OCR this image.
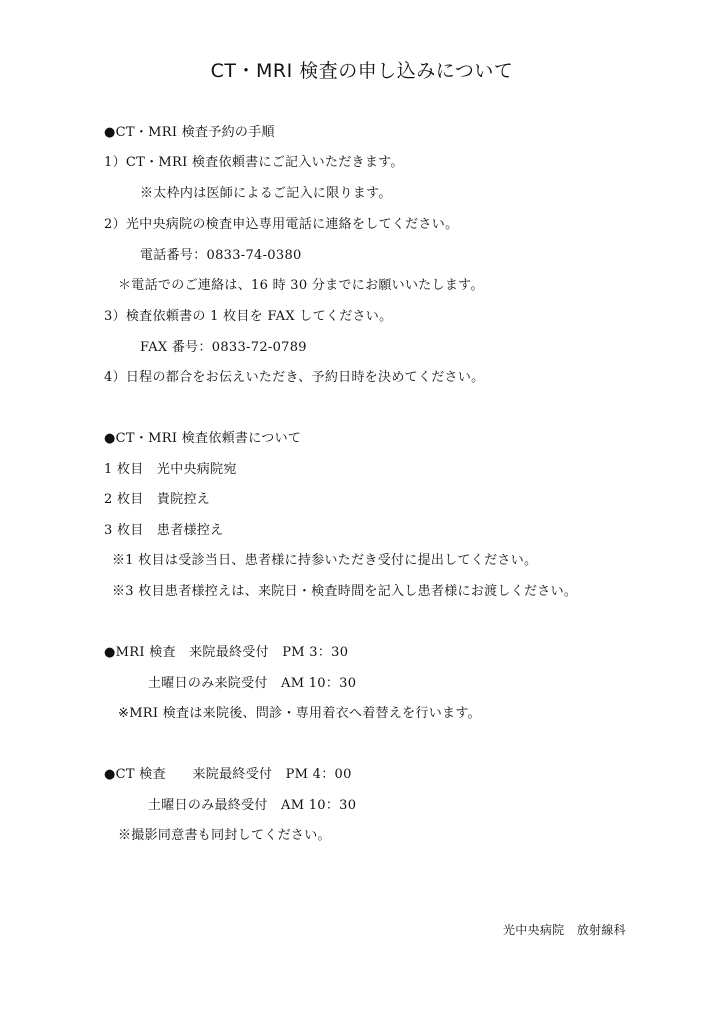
CT・MRI 検査の申し込みについて
●CT・MRI 検査予約の手順
1）CT・MRI 検査依頼書にご記入いただきます。
※太枠内は医師によるご記入に限ります。
2）光中央病院の検査申込専用電話に連絡をしてください。
電話番号：0833-74-0380
＊電話でのご連絡は、16 時 30 分までにお願いいたします。
3）検査依頼書の 1 枚目を FAX してください。
FAX 番号：0833-72-0789
4）日程の都合をお伝えいただき、予約日時を決めてください。
●CT・MRI 検査依頼書について
1 枚目　光中央病院宛
2 枚目　貴院控え
3 枚目　患者様控え
※1 枚目は受診当日、患者様に持参いただき受付に提出してください。
※3 枚目患者様控えは、来院日・検査時間を記入し患者様にお渡しください。
●MRI 検査　来院最終受付　PM 3：30
土曜日のみ来院受付　AM 10：30
※MRI 検査は来院後、問診・専用着衣へ着替えを行います。
●CT 検査　　来院最終受付　PM 4：00
土曜日のみ最終受付　AM 10：30
※撮影同意書も同封してください。
光中央病院　放射線科
